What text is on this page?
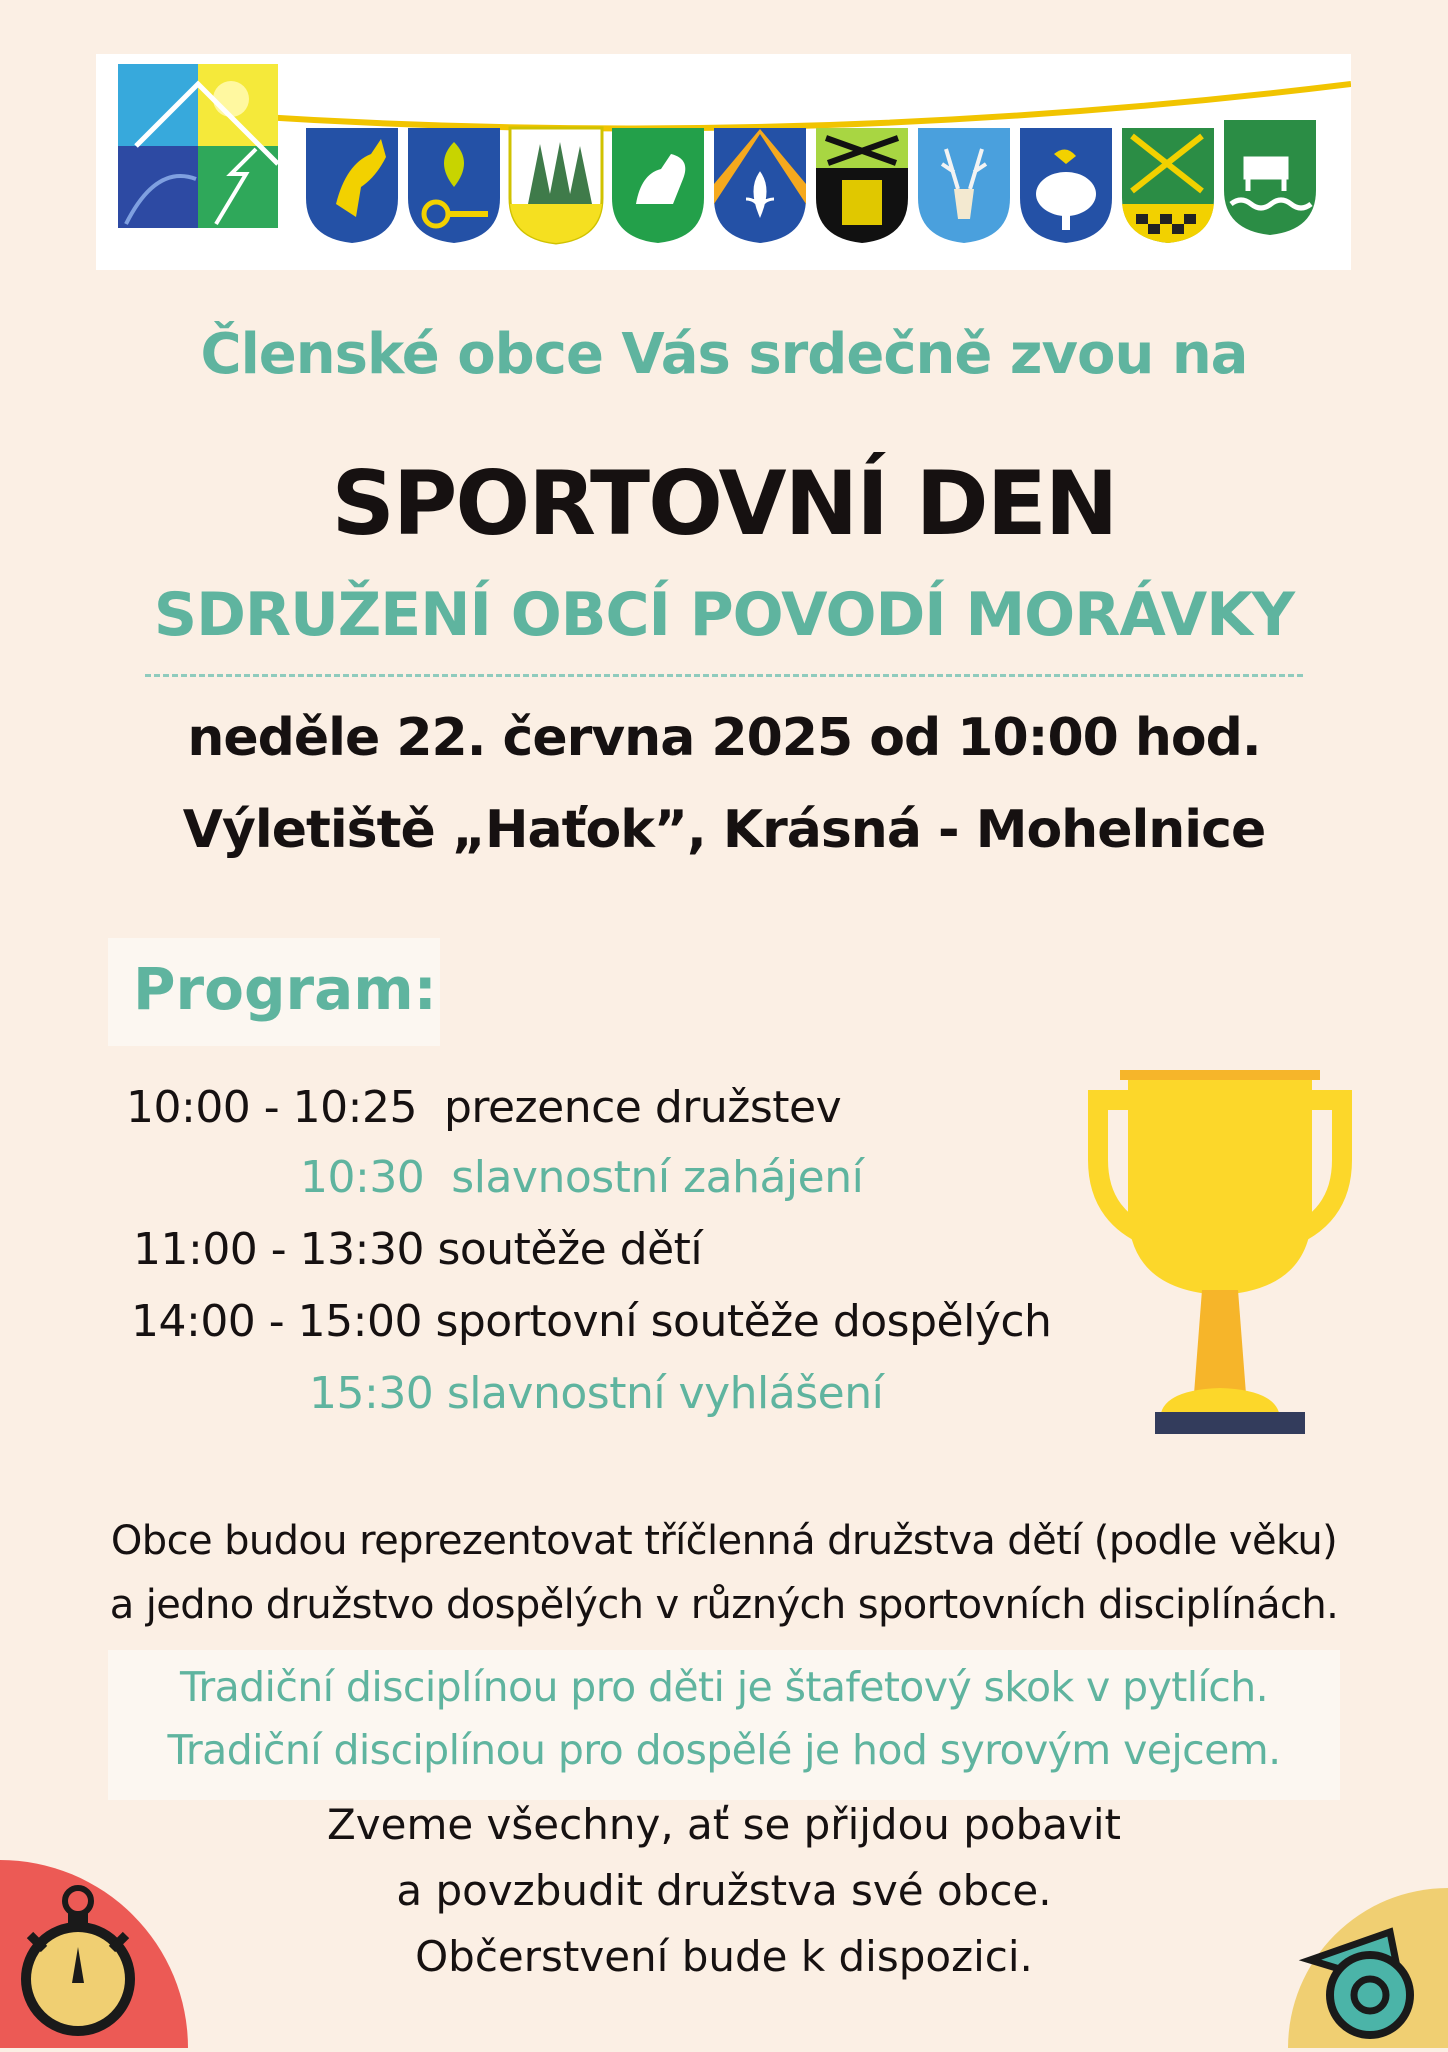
Členské obce Vás srdečně zvou na
SPORTOVNÍ DEN
SDRUŽENÍ OBCÍ POVODÍ MORÁVKY
neděle 22. června 2025 od 10:00 hod.
Výletiště „Haťok”, Krásná - Mohelnice
Program:
10:00 - 10:25 prezence družstev
10:30 slavnostní zahájení
11:00 - 13:30 soutěže dětí
14:00 - 15:00 sportovní soutěže dospělých
15:30 slavnostní vyhlášení
Obce budou reprezentovat tříčlenná družstva dětí (podle věku)
a jedno družstvo dospělých v různých sportovních disciplínách.
Tradiční disciplínou pro děti je štafetový skok v pytlích.
Tradiční disciplínou pro dospělé je hod syrovým vejcem.
Zveme všechny, ať se přijdou pobavit
a povzbudit družstva své obce.
Občerstvení bude k dispozici.
